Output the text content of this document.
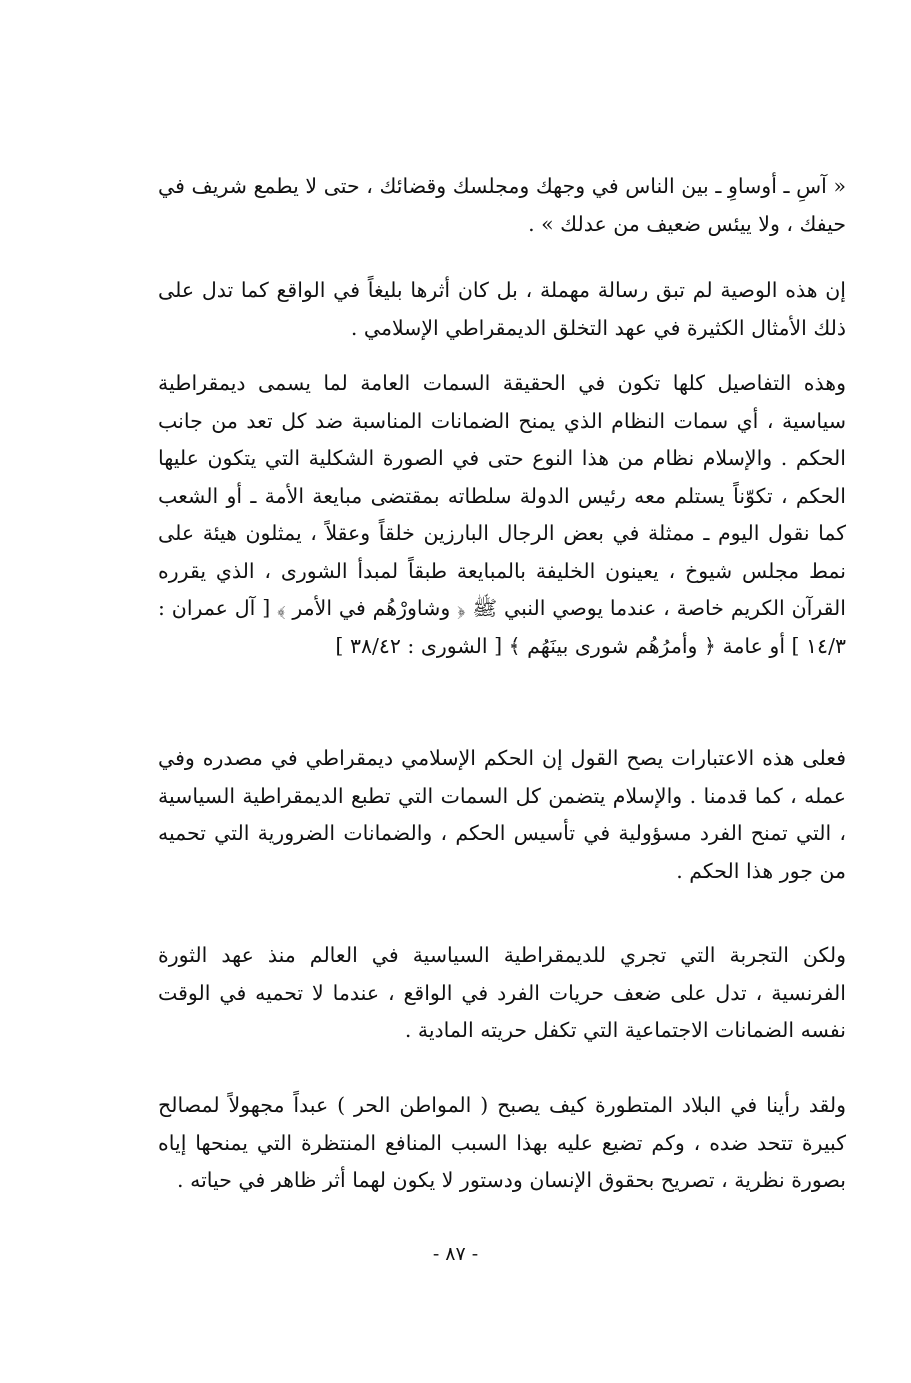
« آسِ ـ أوساوِ ـ بين الناس في وجهك ومجلسك وقضائك ، حتى لا يطمع شريف في حيفك ، ولا ييئس ضعيف من عدلك » .

إن هذه الوصية لم تبق رسالة مهملة ، بل كان أثرها بليغاً في الواقع كما تدل على ذلك الأمثال الكثيرة في عهد التخلق الديمقراطي الإسلامي .

وهذه التفاصيل كلها تكون في الحقيقة السمات العامة لما يسمى ديمقراطية سياسية ، أي سمات النظام الذي يمنح الضمانات المناسبة ضد كل تعد من جانب الحكم . والإسلام نظام من هذا النوع حتى في الصورة الشكلية التي يتكون عليها الحكم ، تكوّناً يستلم معه رئيس الدولة سلطاته بمقتضى مبايعة الأمة ـ أو الشعب كما نقول اليوم ـ ممثلة في بعض الرجال البارزين خلقاً وعقلاً ، يمثلون هيئة على نمط مجلس شيوخ ، يعينون الخليفة بالمبايعة طبقاً لمبدأ الشورى ، الذي يقرره القرآن الكريم خاصة ، عندما يوصي النبي ﷺ ﴿ وشاورْهُم في الأمر ﴾ [ آل عمران : ١٤/٣ ] أو عامة ﴿ وأمرُهُم شورى بينَهُم ﴾ [ الشورى : ٣٨/٤٢ ]

فعلى هذه الاعتبارات يصح القول إن الحكم الإسلامي ديمقراطي في مصدره وفي عمله ، كما قدمنا . والإسلام يتضمن كل السمات التي تطبع الديمقراطية السياسية ، التي تمنح الفرد مسؤولية في تأسيس الحكم ، والضمانات الضرورية التي تحميه من جور هذا الحكم .

ولكن التجربة التي تجري للديمقراطية السياسية في العالم منذ عهد الثورة الفرنسية ، تدل على ضعف حريات الفرد في الواقع ، عندما لا تحميه في الوقت نفسه الضمانات الاجتماعية التي تكفل حريته المادية .

ولقد رأينا في البلاد المتطورة كيف يصبح ( المواطن الحر ) عبداً مجهولاً لمصالح كبيرة تتحد ضده ، وكم تضيع عليه بهذا السبب المنافع المنتظرة التي يمنحها إياه بصورة نظرية ، تصريح بحقوق الإنسان ودستور لا يكون لهما أثر ظاهر في حياته .

- ٨٧ -
